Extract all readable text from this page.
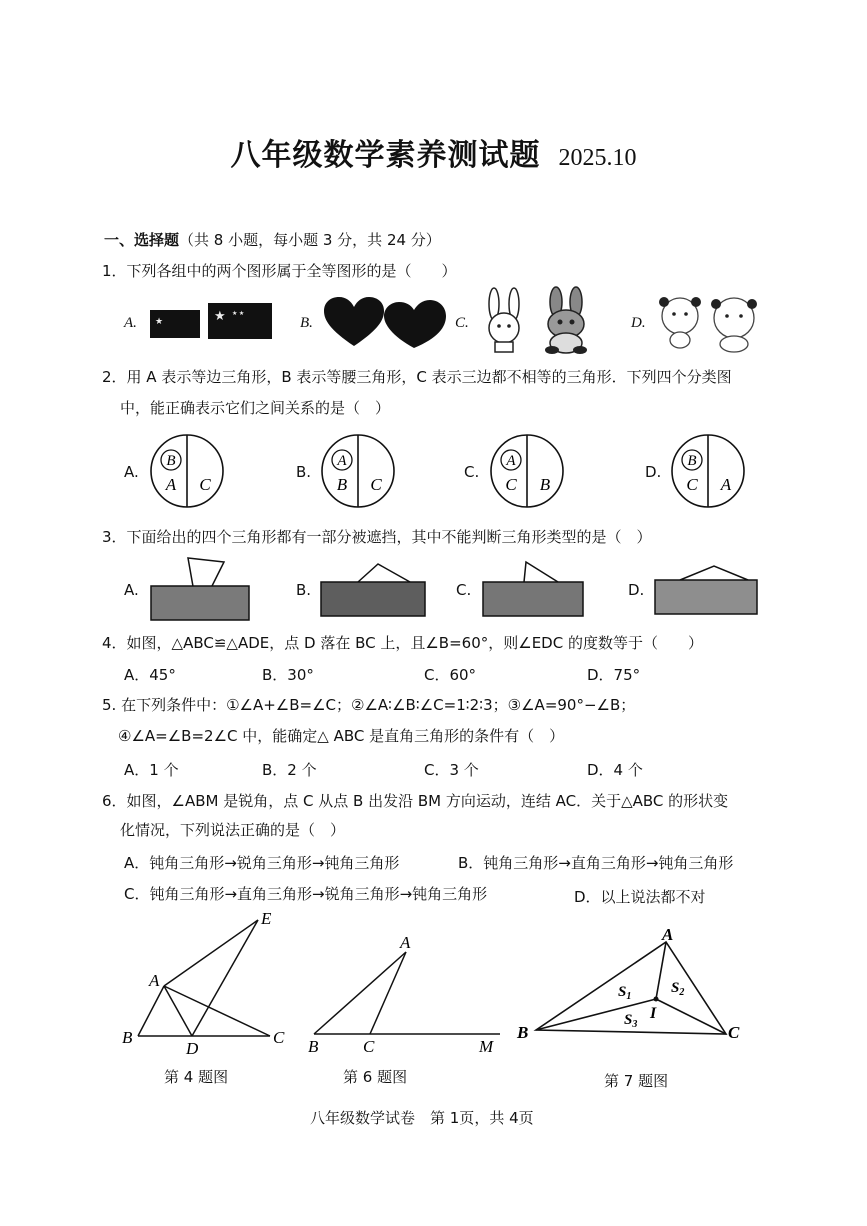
八年级数学素养测试题 2025.10
一、选择题（共 8 小题，每小题 3 分，共 24 分）
1．下列各组中的两个图形属于全等图形的是（　　）
A. ★	★ ★ ★
B.	C.	D.
2．用 A 表示等边三角形，B 表示等腰三角形，C 表示三边都不相等的三角形．下列四个分类图
中，能正确表示它们之间关系的是（　）
A.
B
A C
B.
A
B C
C.
A
C B
D.
B
C A
3．下面给出的四个三角形都有一部分被遮挡，其中不能判断三角形类型的是（　）
A.	B.	C.	D.
4．如图，△ABC≌△ADE，点 D 落在 BC 上，且∠B=60°，则∠EDC 的度数等于（　　）
A．45°	B．30°	C．60°	D．75°
5. 在下列条件中：①∠A+∠B=∠C；②∠A∶∠B∶∠C=1∶2∶3；③∠A=90°−∠B；
④∠A=∠B=2∠C 中，能确定△ ABC 是直角三角形的条件有（　）
A．1 个	B．2 个	C．3 个	D．4 个
6．如图，∠ABM 是锐角，点 C 从点 B 出发沿 BM 方向运动，连结 AC．关于△ABC 的形状变
化情况，下列说法正确的是（　）
A．钝角三角形→锐角三角形→钝角三角形	B．钝角三角形→直角三角形→钝角三角形
C．钝角三角形→直角三角形→锐角三角形→钝角三角形	D．以上说法都不对
A
B	C
D
E
第 4 题图
A
B	C	M
第 6 题图
A
B	C
I
$S_1$
$S_2$
$S_3$
第 7 题图
八年级数学试卷　第 1页，共 4页
